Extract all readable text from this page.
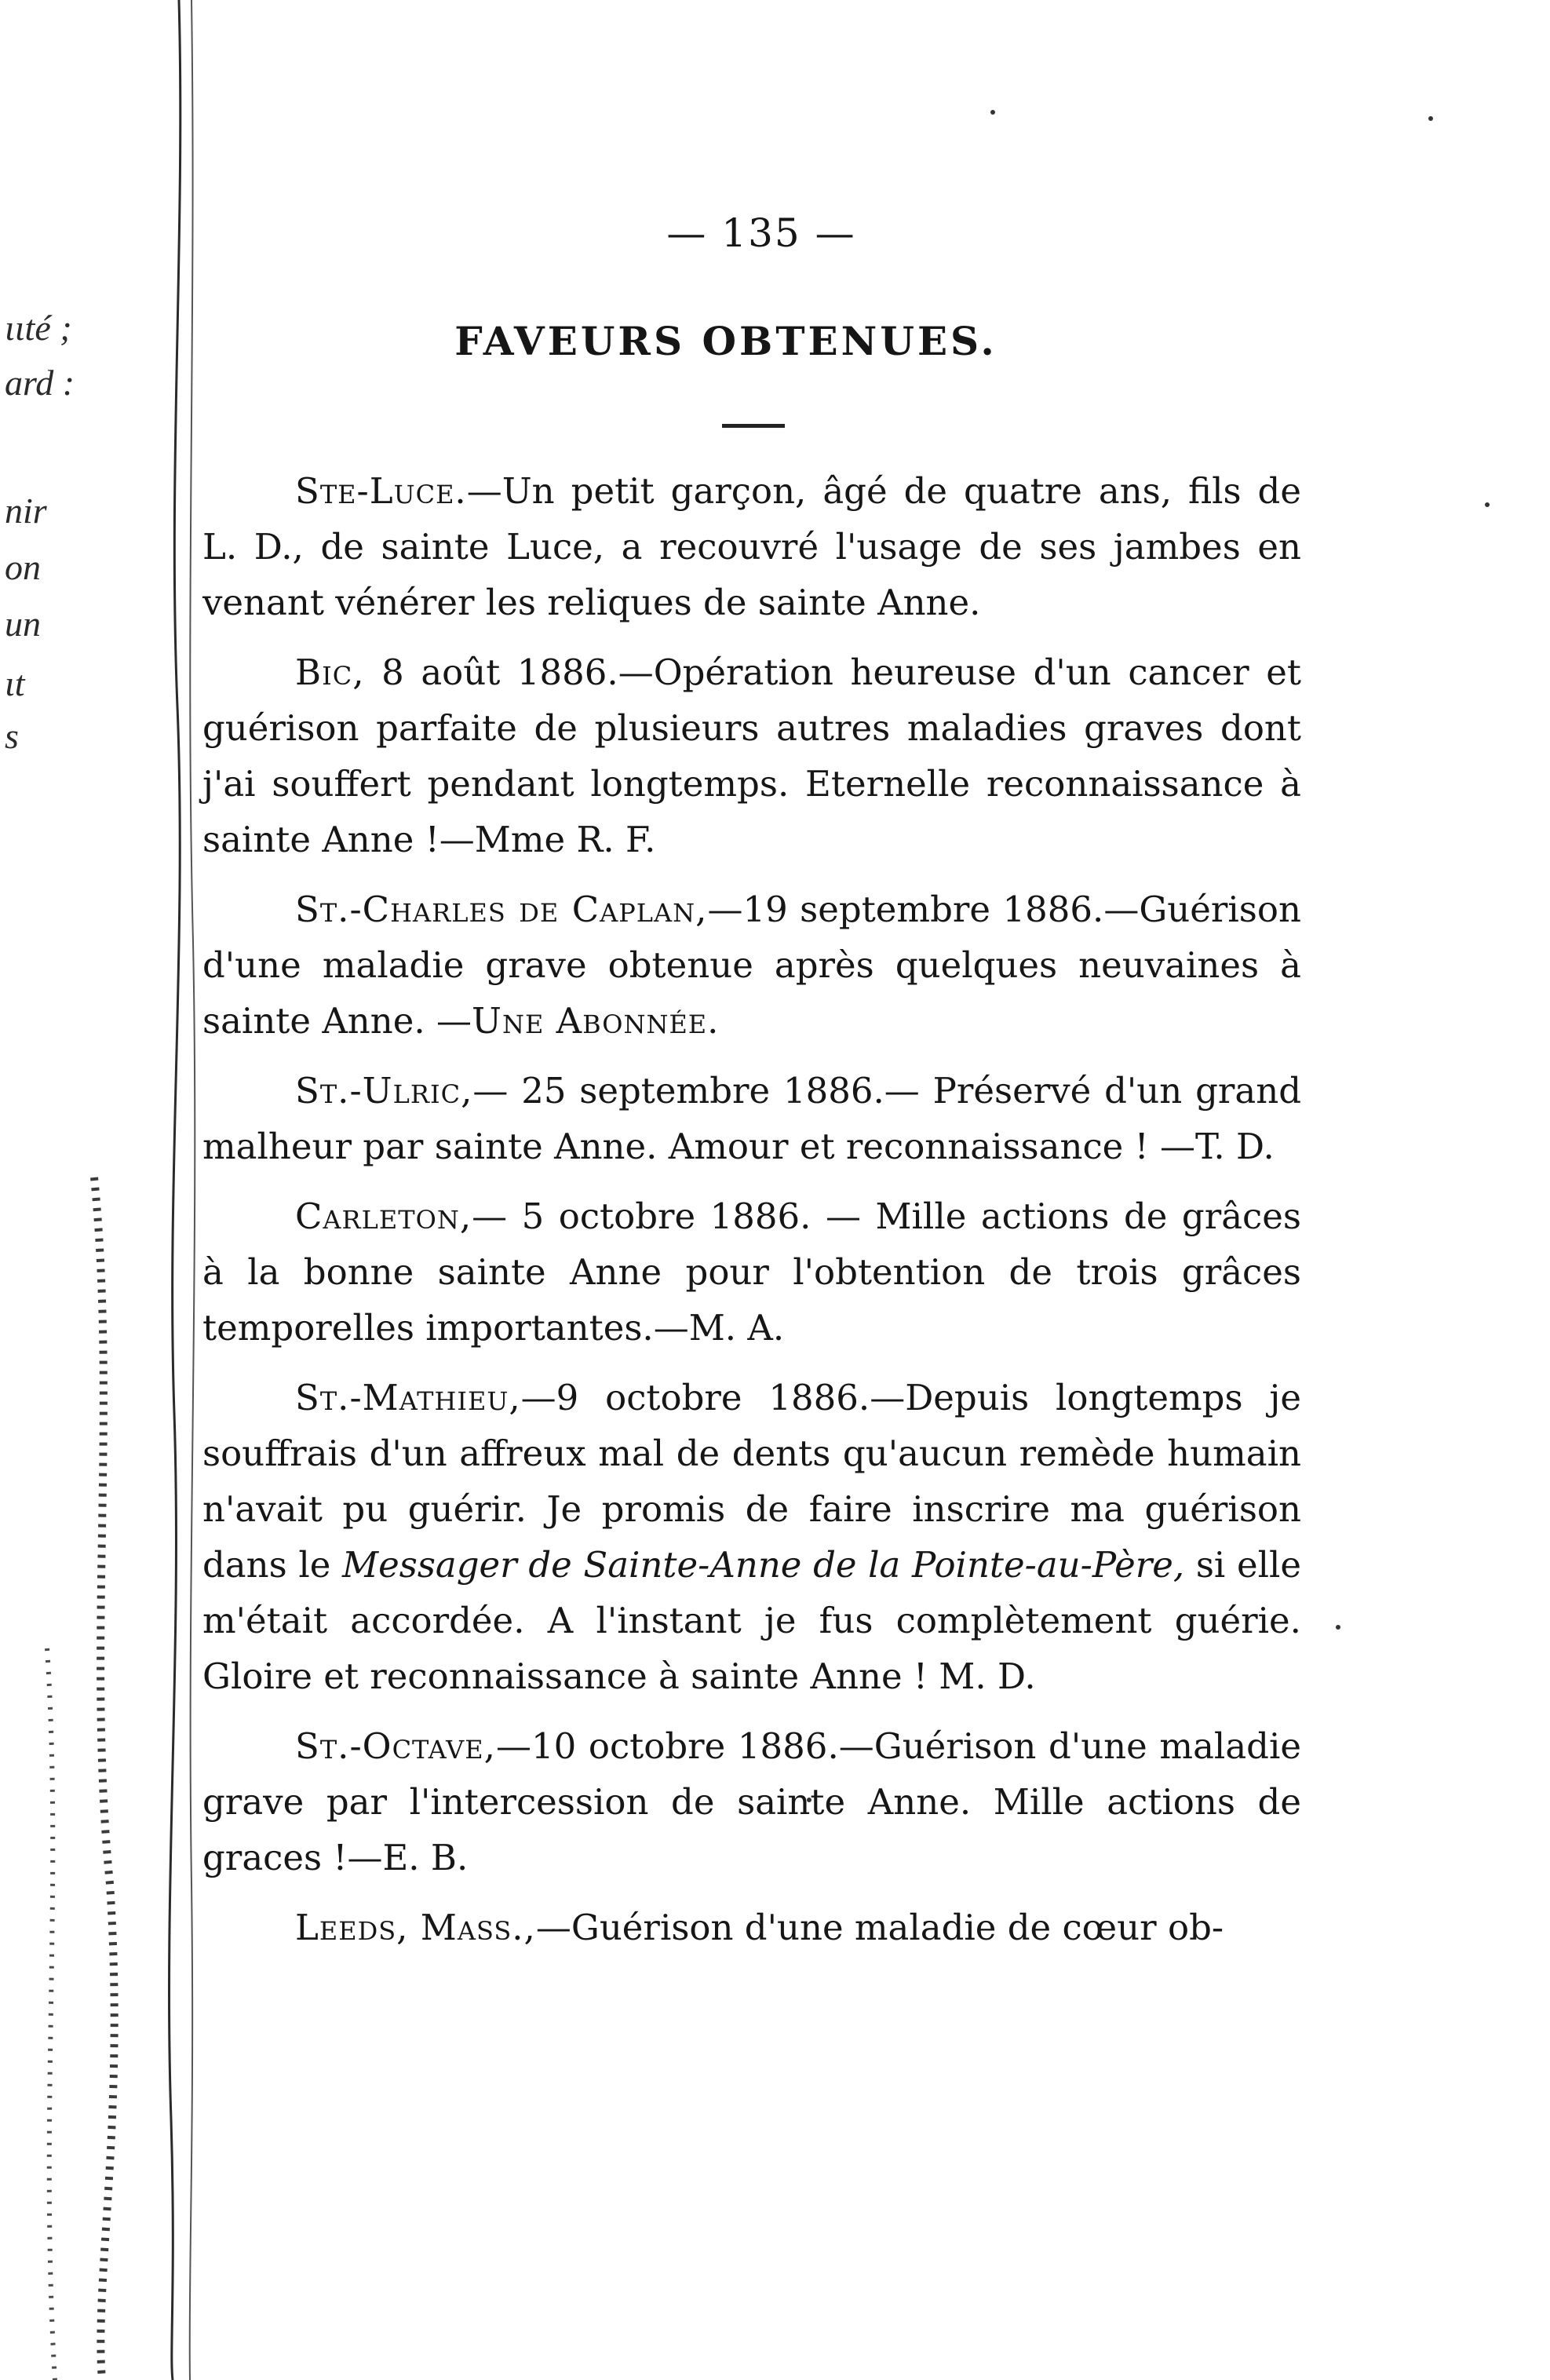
ιιté ;
ard :
nir
on
un
ιt
s
— 135 —
FAVEURS OBTENUES.

Ste-Luce.—Un petit garçon, âgé de quatre ans, fils de L. D., de sainte Luce, a recouvré l'usage de ses jambes en venant vénérer les reliques de sainte Anne.

Bic, 8 août 1886.—Opération heureuse d'un cancer et guérison parfaite de plusieurs autres maladies graves dont j'ai souffert pendant longtemps. Eternelle reconnaissance à sainte Anne !—Mme R. F.

St.-Charles de Caplan,—19 septembre 1886.—Guérison d'une maladie grave obtenue après quelques neuvaines à sainte Anne. —Une Abonnée.

St.-Ulric,— 25 septembre 1886.— Préservé d'un grand malheur par sainte Anne. Amour et reconnaissance ! —T. D.

Carleton,— 5 octobre 1886. — Mille actions de grâces à la bonne sainte Anne pour l'obtention de trois grâces temporelles importantes.—M. A.

St.-Mathieu,—9 octobre 1886.—Depuis longtemps je souffrais d'un affreux mal de dents qu'aucun remède humain n'avait pu guérir. Je promis de faire inscrire ma guérison dans le Messager de Sainte-Anne de la Pointe-au-Père, si elle m'était accordée. A l'instant je fus complètement guérie. Gloire et reconnaissance à sainte Anne ! M. D.

St.-Octave,—10 octobre 1886.—Guérison d'une maladie grave par l'intercession de sainte Anne. Mille actions de graces !—E. B.

Leeds, Mass.,—Guérison d'une maladie de cœur ob-
